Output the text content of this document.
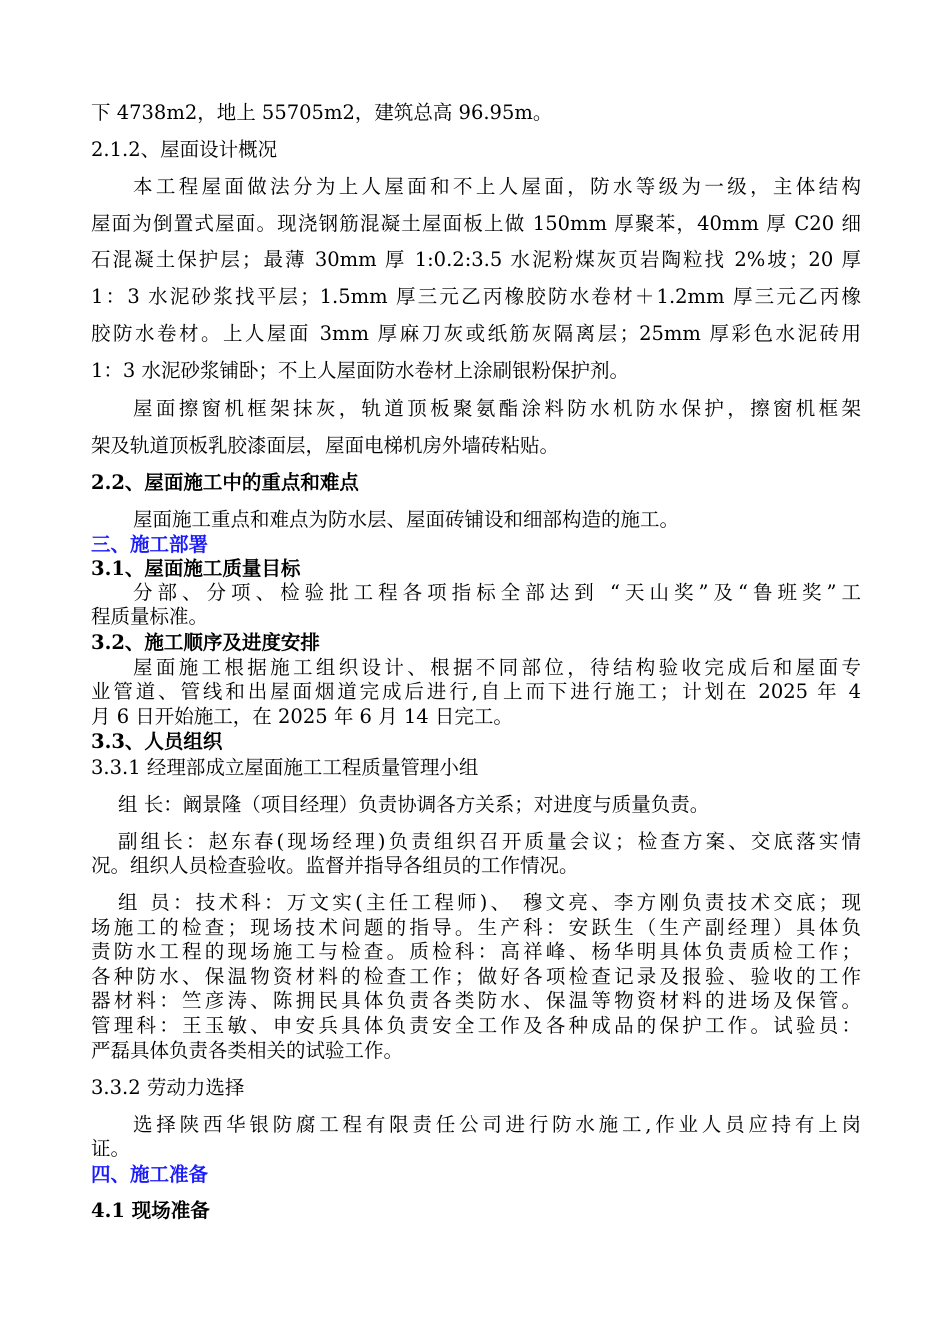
下 4738m2，地上 55705m2，建筑总高 96.95m。
2.1.2、屋面设计概况
本工程屋面做法分为上人屋面和不上人屋面，防水等级为一级，主体结构
屋面为倒置式屋面。现浇钢筋混凝土屋面板上做 150mm 厚聚苯，40mm 厚 C20 细
石混凝土保护层；最薄 30mm 厚 1:0.2:3.5 水泥粉煤灰页岩陶粒找 2%坡；20 厚
1：3 水泥砂浆找平层；1.5mm 厚三元乙丙橡胶防水卷材＋1.2mm 厚三元乙丙橡
胶防水卷材。上人屋面 3mm 厚麻刀灰或纸筋灰隔离层；25mm 厚彩色水泥砖用
1：3 水泥砂浆铺卧；不上人屋面防水卷材上涂刷银粉保护剂。
屋面擦窗机框架抹灰，轨道顶板聚氨酯涂料防水机防水保护，擦窗机框架
架及轨道顶板乳胶漆面层，屋面电梯机房外墙砖粘贴。
2.2、屋面施工中的重点和难点
屋面施工重点和难点为防水层、屋面砖铺设和细部构造的施工。
三、施工部署
3.1、屋面施工质量目标
分部、分项、检验批工程各项指标全部达到 “天山奖”及“鲁班奖”工
程质量标准。
3.2、施工顺序及进度安排
屋面施工根据施工组织设计、根据不同部位，待结构验收完成后和屋面专
业管道、管线和出屋面烟道完成后进行,自上而下进行施工；计划在 2025 年 4
月 6 日开始施工，在 2025 年 6 月 14 日完工。
3.3、人员组织
3.3.1 经理部成立屋面施工工程质量管理小组
组 长：阚景隆（项目经理）负责协调各方关系；对进度与质量负责。
副组长：赵东春(现场经理)负责组织召开质量会议；检查方案、交底落实情
况。组织人员检查验收。监督并指导各组员的工作情况。
组 员：技术科：万文实(主任工程师)、 穆文亮、李方刚负责技术交底；现
场施工的检查；现场技术问题的指导。生产科：安跃生（生产副经理）具体负
责防水工程的现场施工与检查。质检科：高祥峰、杨华明具体负责质检工作；
各种防水、保温物资材料的检查工作；做好各项检查记录及报验、验收的工作
器材料：竺彦涛、陈拥民具体负责各类防水、保温等物资材料的进场及保管。
管理科：王玉敏、申安兵具体负责安全工作及各种成品的保护工作。试验员：
严磊具体负责各类相关的试验工作。
3.3.2 劳动力选择
选择陕西华银防腐工程有限责任公司进行防水施工,作业人员应持有上岗
证。
四、施工准备
4.1 现场准备
